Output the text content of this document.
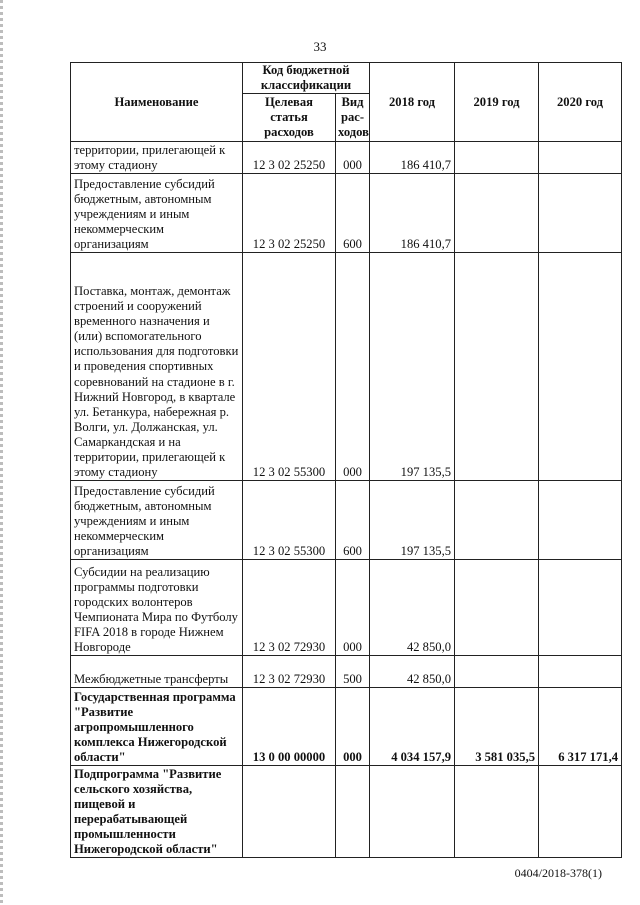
33
Наименование	Код бюджетной классификации		2018 год	2019 год	2020 год
	Целевая статья расходов	Вид рас-ходов			
территории, прилегающей к этому стадиону	12 3 02 25250	000	186 410,7		
Предоставление субсидий бюджетным, автономным учреждениям и иным некоммерческим организациям	12 3 02 25250	600	186 410,7		
Поставка, монтаж, демонтаж строений и сооружений временного назначения и (или) вспомогательного использования для подготовки и проведения спортивных соревнований на стадионе в г. Нижний Новгород, в квартале ул. Бетанкура, набережная р. Волги, ул. Должанская, ул. Самаркандская и на территории, прилегающей к этому стадиону	12 3 02 55300	000	197 135,5		
Предоставление субсидий бюджетным, автономным учреждениям и иным некоммерческим организациям	12 3 02 55300	600	197 135,5		
Субсидии на реализацию программы подготовки городских волонтеров Чемпионата Мира по Футболу FIFA 2018 в городе Нижнем Новгороде	12 3 02 72930	000	42 850,0		
Межбюджетные трансферты	12 3 02 72930	500	42 850,0		
Государственная программа "Развитие агропромышленного комплекса Нижегородской области"	13 0 00 00000	000	4 034 157,9	3 581 035,5	6 317 171,4
Подпрограмма "Развитие сельского хозяйства, пищевой и перерабатывающей промышленности Нижегородской области"					
0404/2018-378(1)
